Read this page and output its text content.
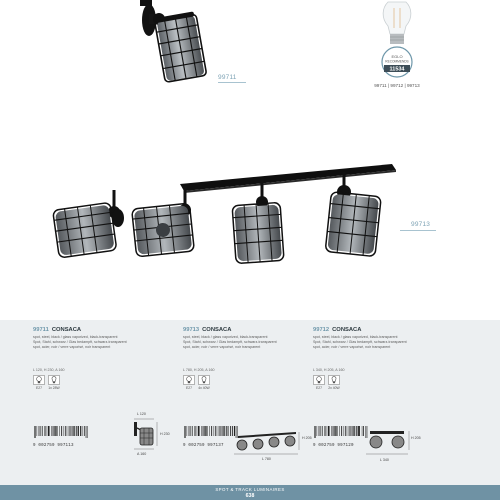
99711
EGLO
RECOMMENDS
11534
99711 | 99712 | 99713
99713
99711 CONSACA
spot, steel, black / glass vaporized, black-transparent
Spot, Stahl, schwarz / Glas bedampft, schwarz-transparent
spot, acier, noir / verre vaporisé, noir transparent
L 120, H 230, A 160
E27	1x 28W
99713 CONSACA
spot, steel, black / glass vaporized, black-transparent
Spot, Stahl, schwarz / Glas bedampft, schwarz-transparent
spot, acier, noir / verre vaporisé, noir transparent
L 780, H 205, A 160
E27	4x 40W
99712 CONSACA
spot, steel, black / glass vaporized, black-transparent
Spot, Stahl, schwarz / Glas bedampft, schwarz-transparent
spot, acier, noir / verre vaporisé, noir transparent
L 340, H 205, A 160
E27	2x 40W
9 002759 997113	9 002759 997137	9 002759 997120
L 120
H 230
A 160
L 780
H 205
L 340
H 205
SPOT & TRACK LUMINAIRES
638
